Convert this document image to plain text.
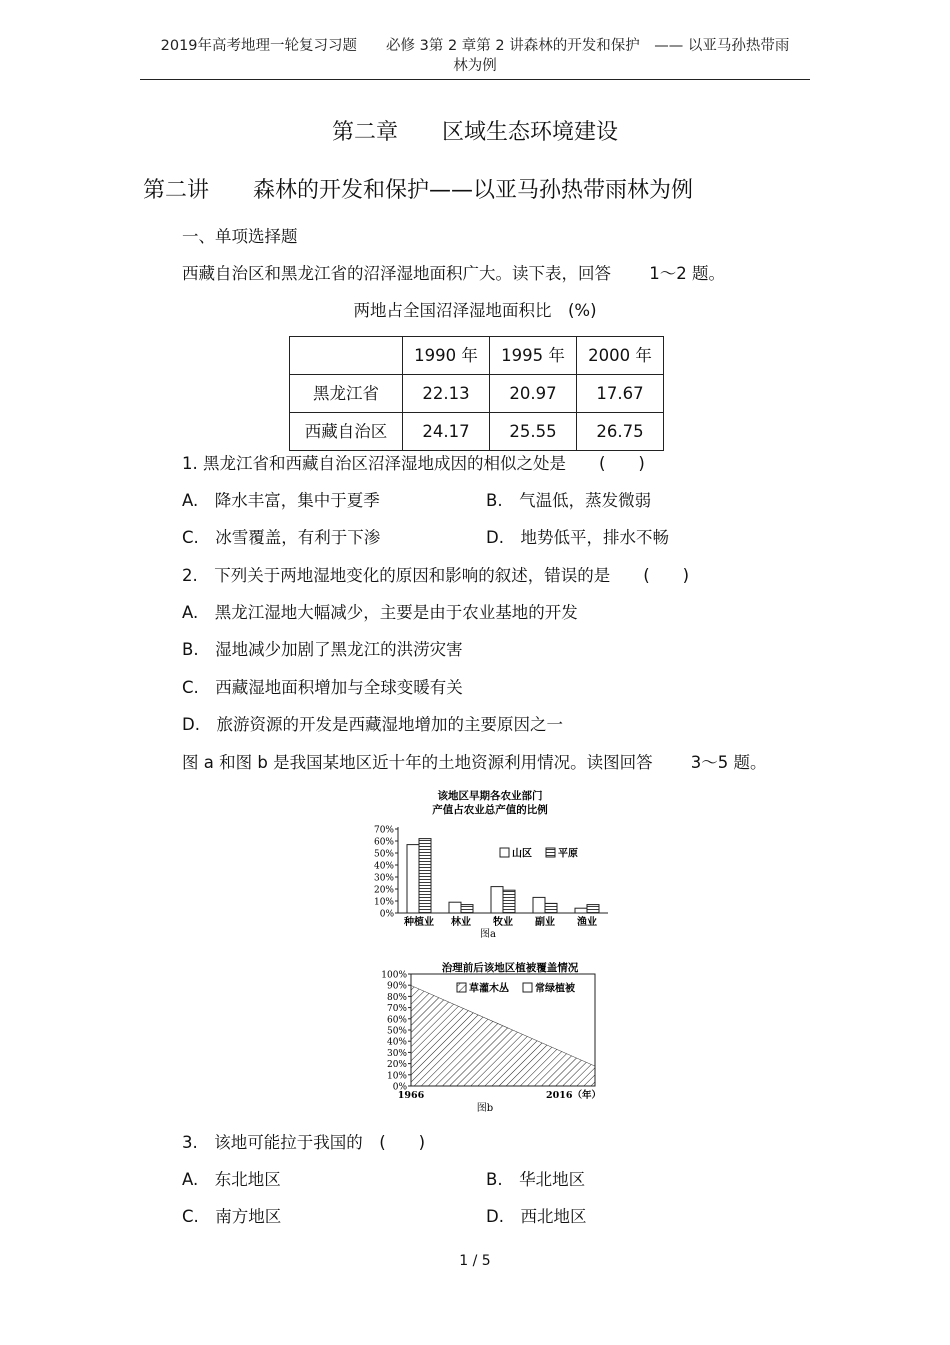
2019年高考地理一轮复习习题　　必修 3第 2 章第 2 讲森林的开发和保护　—— 以亚马孙热带雨
林为例
第二章　　区域生态环境建设
第二讲　　森林的开发和保护——以亚马孙热带雨林为例
一、单项选择题
西藏自治区和黑龙江省的沼泽湿地面积广大。读下表，回答　　 1～2 题。
两地占全国沼泽湿地面积比　(%)
	1990 年	1995 年	2000 年
黑龙江省	22.13	20.97	17.67
西藏自治区	24.17	25.55	26.75
1. 黑龙江省和西藏自治区沼泽湿地成因的相似之处是　　(　　)
A.　降水丰富，集中于夏季	B.　气温低，蒸发微弱
C.　冰雪覆盖，有利于下渗	D.　地势低平，排水不畅
2.　下列关于两地湿地变化的原因和影响的叙述，错误的是　　(　　)
A.　黑龙江湿地大幅减少，主要是由于农业基地的开发
B.　湿地减少加剧了黑龙江的洪涝灾害
C.　西藏湿地面积增加与全球变暖有关
D.　旅游资源的开发是西藏湿地增加的主要原因之一
图 a 和图 b 是我国某地区近十年的土地资源利用情况。读图回答　　 3～5 题。
该地区早期各农业部门
产值占农业总产值的比例
0%
10%
20%
30%
40%
50%
60%
70%
种植业 林业 牧业 副业 渔业
山区	平原
图a
治理前后该地区植被覆盖情况
0%
10%
20%
30%
40%
50%
60%
70%
80%
90%
100%
1966	2016（年）
草灌木丛	常绿植被
图b
3.　该地可能拉于我国的　(　　)
A.　东北地区	B.　华北地区
C.　南方地区	D.　西北地区
1 / 5
